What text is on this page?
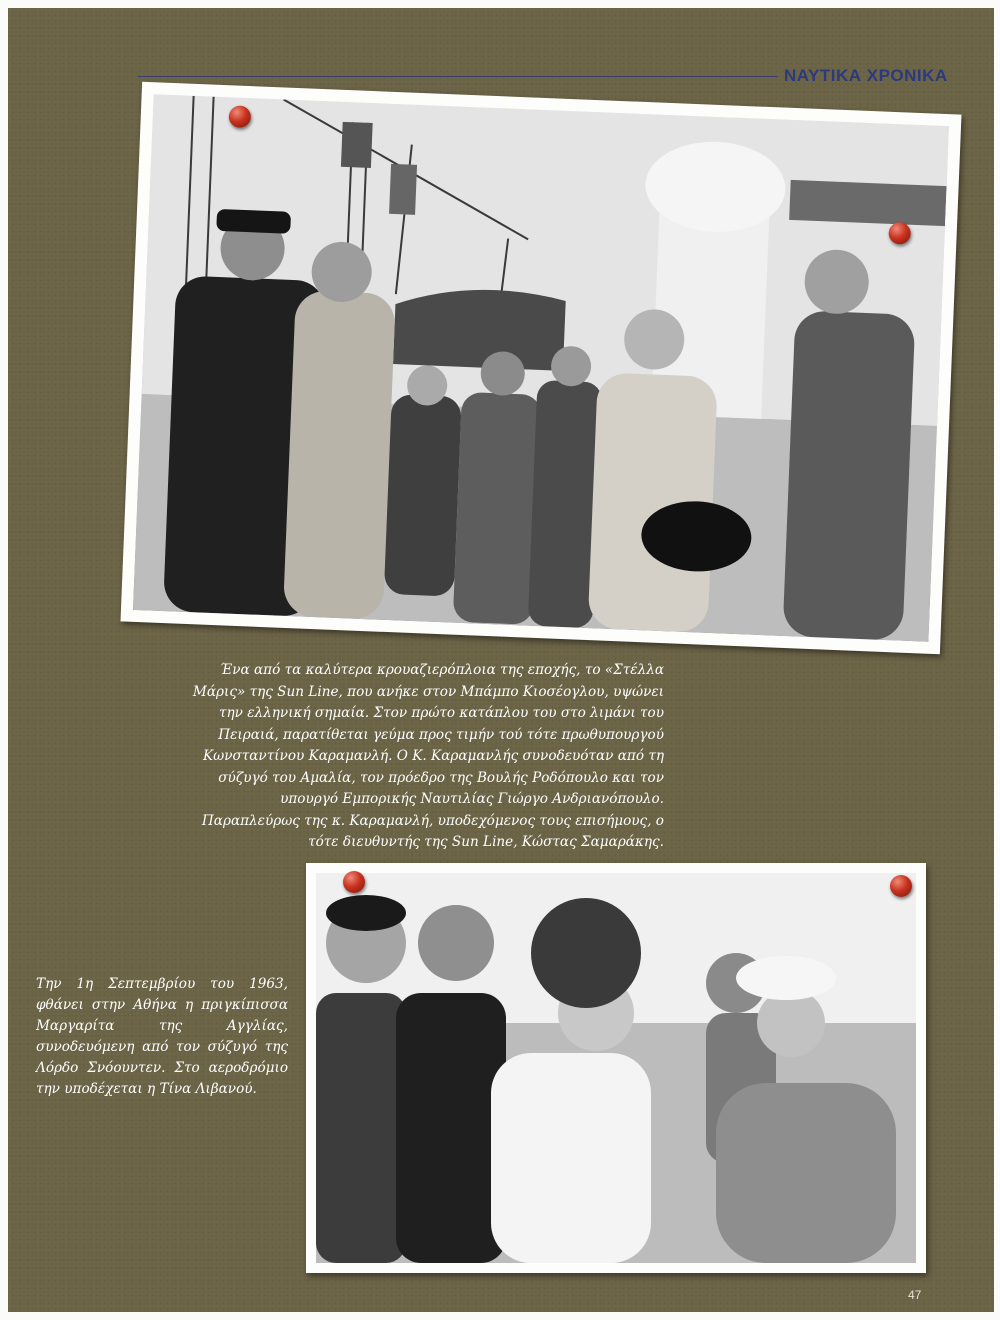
ΝΑΥΤΙΚΑ ΧΡΟΝΙΚΑ
Ένα από τα καλύτερα κρουαζιερόπλοια της εποχής, το «Στέλλα Μάρις» της Sun Line, που ανήκε στον Μπάμπο Κιοσέογλου, υψώνει την ελληνική σημαία. Στον πρώτο κατάπλου του στο λιμάνι του Πειραιά, παρατίθεται γεύμα προς τιμήν τού τότε πρωθυπουργού Κωνσταντίνου Καραμανλή. Ο Κ. Καραμανλής συνοδευόταν από τη σύζυγό του Αμαλία, τον πρόεδρο της Βουλής Ροδόπουλο και τον υπουργό Εμπορικής Ναυτιλίας Γιώργο Ανδριανόπουλο. Παραπλεύρως της κ. Καραμανλή, υποδεχόμενος τους επισήμους, ο τότε διευθυντής της Sun Line, Κώστας Σαμαράκης.
Την 1η Σεπτεμβρίου του 1963, φθάνει στην Αθήνα η πριγκίπισσα Μαργαρίτα της Αγγλίας, συνοδευόμενη από τον σύζυγό της Λόρδο Σνόουντεν. Στο αεροδρόμιο την υποδέχεται η Τίνα Λιβανού.
47
